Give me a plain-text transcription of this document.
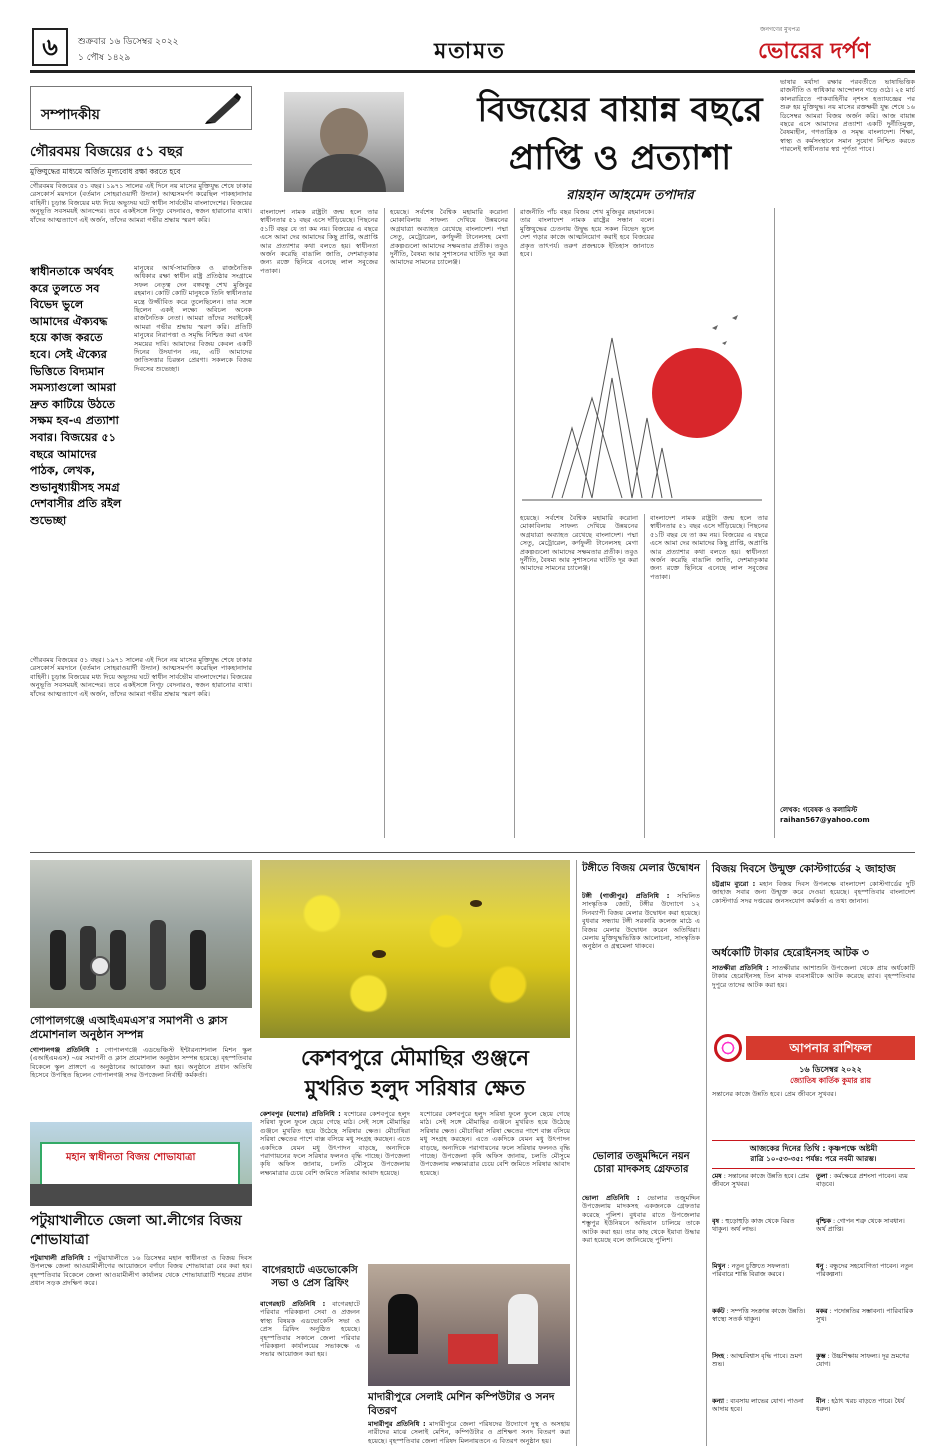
৬	শুক্রবার ১৬ ডিসেম্বর ২০২২
১ পৌষ ১৪২৯	মতামত
জনগণের মুখপত্র
ভোরের দর্পণ
সম্পাদকীয়
গৌরবময় বিজয়ের ৫১ বছর
মুক্তিযুদ্ধের মাধ্যমে অর্জিত মূল্যবোধ রক্ষা করতে হবে
গৌরবময় বিজয়ের ৫১ বছর। ১৯৭১ সালের এই দিনে নয় মাসের মুক্তিযুদ্ধ শেষে ঢাকার রেসকোর্স ময়দানে (বর্তমান সোহরাওয়ার্দী উদ্যান) আত্মসমর্পণ করেছিল পাকহানাদার বাহিনী। চূড়ান্ত বিজয়ের মধ্য দিয়ে অভ্যুদয় ঘটে স্বাধীন সার্বভৌম বাংলাদেশের। বিজয়ের অনুভূতি সবসময়ই আনন্দের। তবে একইসঙ্গে নিগূঢ় বেদনারও, স্বজন হারানোর ব্যথা। যাঁদের আত্মত্যাগে এই অর্জন, তাঁদের আমরা গভীর শ্রদ্ধায় স্মরণ করি।
স্বাধীনতাকে অর্থবহ করে তুলতে সব বিভেদ ভুলে আমাদের ঐক্যবদ্ধ হয়ে কাজ করতে হবে। সেই ঐক্যের ভিত্তিতে বিদ্যমান সমস্যাগুলো আমরা দ্রুত কাটিয়ে উঠতে সক্ষম হব-এ প্রত্যাশা সবার। বিজয়ের ৫১ বছরে আমাদের পাঠক, লেখক, শুভানুধ্যায়ীসহ সমগ্র দেশবাসীর প্রতি রইল শুভেচ্ছা
মানুষের আর্থ-সামাজিক ও রাজনৈতিক অধিকার রক্ষা স্বাধীন রাষ্ট্র প্রতিষ্ঠার সংগ্রামে সফল নেতৃত্ব দেন বঙ্গবন্ধু শেখ মুজিবুর রহমান। কোটি কোটি মানুষকে তিনি স্বাধীনতার মন্ত্রে উজ্জীবিত করে তুলেছিলেন। তার সঙ্গে ছিলেন একই লক্ষ্যে অবিচল অনেক রাজনৈতিক নেতা। আমরা তাঁদের সবাইকেই আমরা গভীর শ্রদ্ধায় স্মরণ করি। প্রতিটি মানুষের নিরাপত্তা ও সমৃদ্ধি নিশ্চিত করা এখন সময়ের দাবি। আমাদের বিজয় কেবল একটি দিনের উদযাপন নয়, এটি আমাদের জাতিসত্তার চিরন্তন প্রেরণা। সকলকে বিজয় দিবসের শুভেচ্ছা।
গৌরবময় বিজয়ের ৫১ বছর। ১৯৭১ সালের এই দিনে নয় মাসের মুক্তিযুদ্ধ শেষে ঢাকার রেসকোর্স ময়দানে (বর্তমান সোহরাওয়ার্দী উদ্যান) আত্মসমর্পণ করেছিল পাকহানাদার বাহিনী। চূড়ান্ত বিজয়ের মধ্য দিয়ে অভ্যুদয় ঘটে স্বাধীন সার্বভৌম বাংলাদেশের। বিজয়ের অনুভূতি সবসময়ই আনন্দের। তবে একইসঙ্গে নিগূঢ় বেদনারও, স্বজন হারানোর ব্যথা। যাঁদের আত্মত্যাগে এই অর্জন, তাঁদের আমরা গভীর শ্রদ্ধায় স্মরণ করি।
বিজয়ের বায়ান্ন বছরে
প্রাপ্তি ও প্রত্যাশা
রায়হান আহমেদ তপাদার
বাংলাদেশ নামক রাষ্ট্রটা জন্ম হলে তার স্বাধীনতার ৫১ বছর এসে দাঁড়িয়েছে। পিছনের ৫১টি বছর যে তা কম নয়। বিজয়ের এ বছরে এসে আমা দের আমাদের কিছু প্রাপ্তি, অপ্রাপ্তি আর প্রত্যাশার কথা বলতে হয়। স্বাধীনতা অর্জন করেছি বাঙালি জাতি, দেশমাতৃকার জন্য রক্তে ছিনিয়ে এনেছে লাল সবুজের পতাকা।
হয়েছে। সর্বশেষ বৈশ্বিক মহামারি করোনা মোকাবিলায় সাফল্য দেখিয়ে উন্নয়নের অগ্রযাত্রা অব্যাহত রেখেছে বাংলাদেশ। পদ্মা সেতু, মেট্রোরেল, কর্ণফুলী টানেলসহ মেগা প্রকল্পগুলো আমাদের সক্ষমতার প্রতীক। তবুও দুর্নীতি, বৈষম্য আর সুশাসনের ঘাটতি দূর করা আমাদের সামনের চ্যালেঞ্জ।
রাজনীতি পাঁচ বছর বিজয় শেখ মুজিবুর রহমানকে। তার বাংলাদেশ নামক রাষ্ট্রের সন্ধান বলে। মুক্তিযুদ্ধের চেতনায় উদ্বুদ্ধ হয়ে সকল বিভেদ ভুলে দেশ গড়ার কাজে আত্মনিয়োগ করাই হবে বিজয়ের প্রকৃত তাৎপর্য। তরুণ প্রজন্মকে ইতিহাস জানাতে হবে।
হয়েছে। সর্বশেষ বৈশ্বিক মহামারি করোনা মোকাবিলায় সাফল্য দেখিয়ে উন্নয়নের অগ্রযাত্রা অব্যাহত রেখেছে বাংলাদেশ। পদ্মা সেতু, মেট্রোরেল, কর্ণফুলী টানেলসহ মেগা প্রকল্পগুলো আমাদের সক্ষমতার প্রতীক। তবুও দুর্নীতি, বৈষম্য আর সুশাসনের ঘাটতি দূর করা আমাদের সামনের চ্যালেঞ্জ।
বাংলাদেশ নামক রাষ্ট্রটা জন্ম হলে তার স্বাধীনতার ৫১ বছর এসে দাঁড়িয়েছে। পিছনের ৫১টি বছর যে তা কম নয়। বিজয়ের এ বছরে এসে আমা দের আমাদের কিছু প্রাপ্তি, অপ্রাপ্তি আর প্রত্যাশার কথা বলতে হয়। স্বাধীনতা অর্জন করেছি বাঙালি জাতি, দেশমাতৃকার জন্য রক্তে ছিনিয়ে এনেছে লাল সবুজের পতাকা।
ভাষার মর্যাদা রক্ষার পরবর্তীতে ভাষাভিত্তিক রাজনীতি ও স্বাধিকার আন্দোলন গড়ে ওঠে। ২৫ মার্চ কালরাত্রিতে পাকবাহিনীর নৃশংস হত্যাযজ্ঞের পর শুরু হয় মুক্তিযুদ্ধ। নয় মাসের রক্তক্ষয়ী যুদ্ধ শেষে ১৬ ডিসেম্বর আমরা বিজয় অর্জন করি। আজ বায়ান্ন বছরে এসে আমাদের প্রত্যাশা একটি দুর্নীতিমুক্ত, বৈষম্যহীন, গণতান্ত্রিক ও সমৃদ্ধ বাংলাদেশ। শিক্ষা, স্বাস্থ্য ও কর্মসংস্থানে সমান সুযোগ নিশ্চিত করতে পারলেই স্বাধীনতার স্বপ্ন পূর্ণতা পাবে।
লেখক: গবেষক ও কলামিস্ট
raihan567@yahoo.com
গোপালগঞ্জে এআইএমএস'র সমাপনী ও ক্লাস প্রমোশনাল অনুষ্ঠান সম্পন্ন
গোপালগঞ্জ প্রতিনিধি : গোপালগঞ্জে এডভেঞ্চিস্ট ইন্টারন্যাশনাল মিশন স্কুল (এআইএমএস) -এর সমাপনী ও ক্লাস প্রমোশনাল অনুষ্ঠান সম্পন্ন হয়েছে। বৃহস্পতিবার বিকেলে স্কুল প্রাঙ্গণে এ অনুষ্ঠানের আয়োজন করা হয়। অনুষ্ঠানে প্রধান অতিথি হিসেবে উপস্থিত ছিলেন গোপালগঞ্জ সদর উপজেলা নির্বাহী কর্মকর্তা।
মহান স্বাধীনতা বিজয় শোভাযাত্রা
পটুয়াখালীতে জেলা আ.লীগের বিজয় শোভাযাত্রা
পটুয়াখালী প্রতিনিধি : পটুয়াখালীতে ১৬ ডিসেম্বর মহান স্বাধীনতা ও বিজয় দিবস উপলক্ষে জেলা আওয়ামীলীগের আয়োজনে বর্ণাঢ্য বিজয় শোভাযাত্রা বের করা হয়। বৃহস্পতিবার বিকেলে জেলা আওয়ামীলীগ কার্যালয় থেকে শোভাযাত্রাটি শহরের প্রধান প্রধান সড়ক প্রদক্ষিণ করে।
কেশবপুরে মৌমাছির গুঞ্জনে
মুখরিত হলুদ সরিষার ক্ষেত
কেশবপুর (যশোর) প্রতিনিধি : যশোরের কেশবপুরে হলুদ সরিষা ফুলে ফুলে ছেয়ে গেছে মাঠ। সেই সঙ্গে মৌমাছির গুঞ্জনে মুখরিত হয়ে উঠেছে সরিষার ক্ষেত। মৌচাষিরা সরিষা ক্ষেতের পাশে বাক্স বসিয়ে মধু সংগ্রহ করছেন। এতে একদিকে যেমন মধু উৎপাদন বাড়ছে, অন্যদিকে পরাগায়নের ফলে সরিষার ফলনও বৃদ্ধি পাচ্ছে। উপজেলা কৃষি অফিস জানায়, চলতি মৌসুমে উপজেলায় লক্ষ্যমাত্রার চেয়ে বেশি জমিতে সরিষার আবাদ হয়েছে।
যশোরের কেশবপুরে হলুদ সরিষা ফুলে ফুলে ছেয়ে গেছে মাঠ। সেই সঙ্গে মৌমাছির গুঞ্জনে মুখরিত হয়ে উঠেছে সরিষার ক্ষেত। মৌচাষিরা সরিষা ক্ষেতের পাশে বাক্স বসিয়ে মধু সংগ্রহ করছেন। এতে একদিকে যেমন মধু উৎপাদন বাড়ছে, অন্যদিকে পরাগায়নের ফলে সরিষার ফলনও বৃদ্ধি পাচ্ছে। উপজেলা কৃষি অফিস জানায়, চলতি মৌসুমে উপজেলায় লক্ষ্যমাত্রার চেয়ে বেশি জমিতে সরিষার আবাদ হয়েছে।
বাগেরহাটে এডভোকেসি সভা ও প্রেস ব্রিফিং
বাগেরহাট প্রতিনিধি : বাগেরহাটে পরিবার পরিকল্পনা সেবা ও প্রজনন স্বাস্থ্য বিষয়ক এডভোকেসি সভা ও প্রেস ব্রিফিং অনুষ্ঠিত হয়েছে। বৃহস্পতিবার সকালে জেলা পরিবার পরিকল্পনা কার্যালয়ের সভাকক্ষে এ সভার আয়োজন করা হয়।
মাদারীপুরে সেলাই মেশিন কম্পিউটার ও সনদ বিতরণ
মাদারীপুর প্রতিনিধি : মাদারীপুরে জেলা পরিষদের উদ্যোগে দুস্থ ও অসহায় নারীদের মাঝে সেলাই মেশিন, কম্পিউটার ও প্রশিক্ষণ সনদ বিতরণ করা হয়েছে। বৃহস্পতিবার জেলা পরিষদ মিলনায়তনে এ বিতরণ অনুষ্ঠান হয়।
টঙ্গীতে বিজয় মেলার উদ্বোধন
টঙ্গী (গাজীপুর) প্রতিনিধি : সম্মিলিত সাংস্কৃতিক জোট, টঙ্গীর উদ্যোগে ১২ দিনব্যাপী বিজয় মেলার উদ্বোধন করা হয়েছে। বুধবার সন্ধ্যায় টঙ্গী সরকারি কলেজ মাঠে এ বিজয় মেলার উদ্বোধন করেন অতিথিরা। মেলায় মুক্তিযুদ্ধভিত্তিক আলোচনা, সাংস্কৃতিক অনুষ্ঠান ও গ্রন্থমেলা থাকবে।
ভোলার তজুমদ্দিনে নয়ন চোরা মাদকসহ গ্রেফতার
ভোলা প্রতিনিধি : ভোলার তজুমদ্দিন উপজেলায় মাদকসহ একজনকে গ্রেফতার করেছে পুলিশ। বুধবার রাতে উপজেলার শম্ভুপুর ইউনিয়নে অভিযান চালিয়ে তাকে আটক করা হয়। তার কাছ থেকে ইয়াবা উদ্ধার করা হয়েছে বলে জানিয়েছে পুলিশ।
বিজয় দিবসে উন্মুক্ত কোস্টগার্ডের ২ জাহাজ
চট্টগ্রাম ব্যুরো : মহান বিজয় দিবস উপলক্ষে বাংলাদেশ কোস্টগার্ডের দুটি জাহাজ সবার জন্য উন্মুক্ত করে দেওয়া হয়েছে। বৃহস্পতিবার বাংলাদেশ কোস্টগার্ড সদর দপ্তরের জনসংযোগ কর্মকর্তা এ তথ্য জানান।
অর্ধকোটি টাকার হেরোইনসহ আটক ৩
সাতক্ষীরা প্রতিনিধি : সাতক্ষীরার আশাশুনি উপজেলা থেকে প্রায় অর্ধকোটি টাকার হেরোইনসহ তিন মাদক ব্যবসায়ীকে আটক করেছে র‌্যাব। বৃহস্পতিবার দুপুরে তাদের আটক করা হয়।
আপনার রাশিফল
১৬ ডিসেম্বর ২০২২
জ্যোতিষ কার্তিক কুমার রায়
সন্তানের কাজে উন্নতি হবে। প্রেম জীবনে সুখবর।
আজকের দিনের তিথি : কৃষ্ণপক্ষে অষ্টমী
রাত্রি ১০-৫৩-৩৫: পর্যন্ত: পরে নবমী আরম্ভ।
মেষ : সন্তানের কাজে উন্নতি হবে। প্রেম জীবনে সুখবর।
বৃষ : হুড়োহুড়ি কাজ থেকে বিরত থাকুন। অর্থ লাভ।
মিথুন : নতুন চুক্তিতে সফলতা। পরিবারে শান্তি বিরাজ করবে।
কর্কট : সম্পত্তি সংক্রান্ত কাজে উন্নতি। স্বাস্থ্যে সতর্ক থাকুন।
সিংহ : আত্মবিশ্বাস বৃদ্ধি পাবে। ভ্রমণ শুভ।
কন্যা : ব্যবসায় লাভের যোগ। পাওনা আদায় হবে।
তুলা : কর্মক্ষেত্রে প্রশংসা পাবেন। ব্যয় বাড়বে।
বৃশ্চিক : গোপন শত্রু থেকে সাবধান। অর্থ প্রাপ্তি।
ধনু : বন্ধুদের সহযোগিতা পাবেন। নতুন পরিকল্পনা।
মকর : পদোন্নতির সম্ভাবনা। পারিবারিক সুখ।
কুম্ভ : উচ্চশিক্ষায় সাফল্য। দূর ভ্রমণের যোগ।
মীন : হঠাৎ খরচ বাড়তে পারে। ধৈর্য ধরুন।
